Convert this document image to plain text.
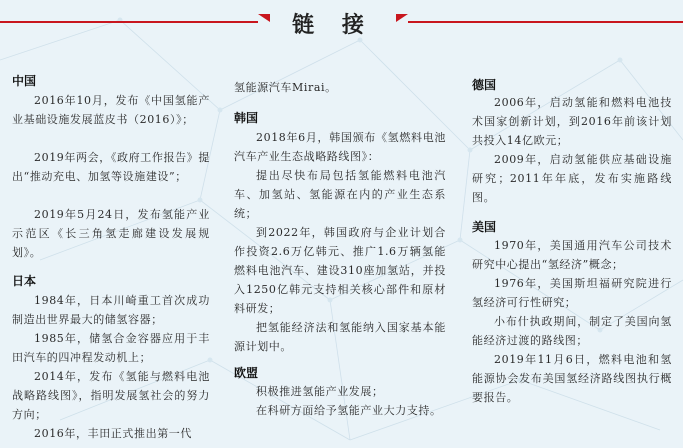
链 接
中国
2016年10月，发布《中国氢能产业基础设施发展蓝皮书（2016）》；
2019年两会，《政府工作报告》提出“推动充电、加氢等设施建设”；
2019年5月24日，发布氢能产业示范区《长三角氢走廊建设发展规划》。
日本
1984年，日本川崎重工首次成功制造出世界最大的储氢容器；
1985年，储氢合金容器应用于丰田汽车的四冲程发动机上；
2014年，发布《氢能与燃料电池战略路线图》，指明发展氢社会的努力方向；
2016年，丰田正式推出第一代
氢能源汽车Mirai。
韩国
2018年6月，韩国颁布《氢燃料电池汽车产业生态战略路线图》：
提出尽快布局包括氢能燃料电池汽车、加氢站、氢能源在内的产业生态系统；
到2022年，韩国政府与企业计划合作投资2.6万亿韩元、推广1.6万辆氢能燃料电池汽车、建设310座加氢站，并投入1250亿韩元支持相关核心部件和原材料研发；
把氢能经济法和氢能纳入国家基本能源计划中。
欧盟
积极推进氢能产业发展；
在科研方面给予氢能产业大力支持。
德国
2006年，启动氢能和燃料电池技术国家创新计划，到2016年前该计划共投入14亿欧元；
2009年，启动氢能供应基础设施研究；2011年年底，发布实施路线图。
美国
1970年，美国通用汽车公司技术研究中心提出“氢经济”概念；
1976年，美国斯坦福研究院进行氢经济可行性研究；
小布什执政期间，制定了美国向氢能经济过渡的路线图；
2019年11月6日，燃料电池和氢能源协会发布美国氢经济路线图执行概要报告。
